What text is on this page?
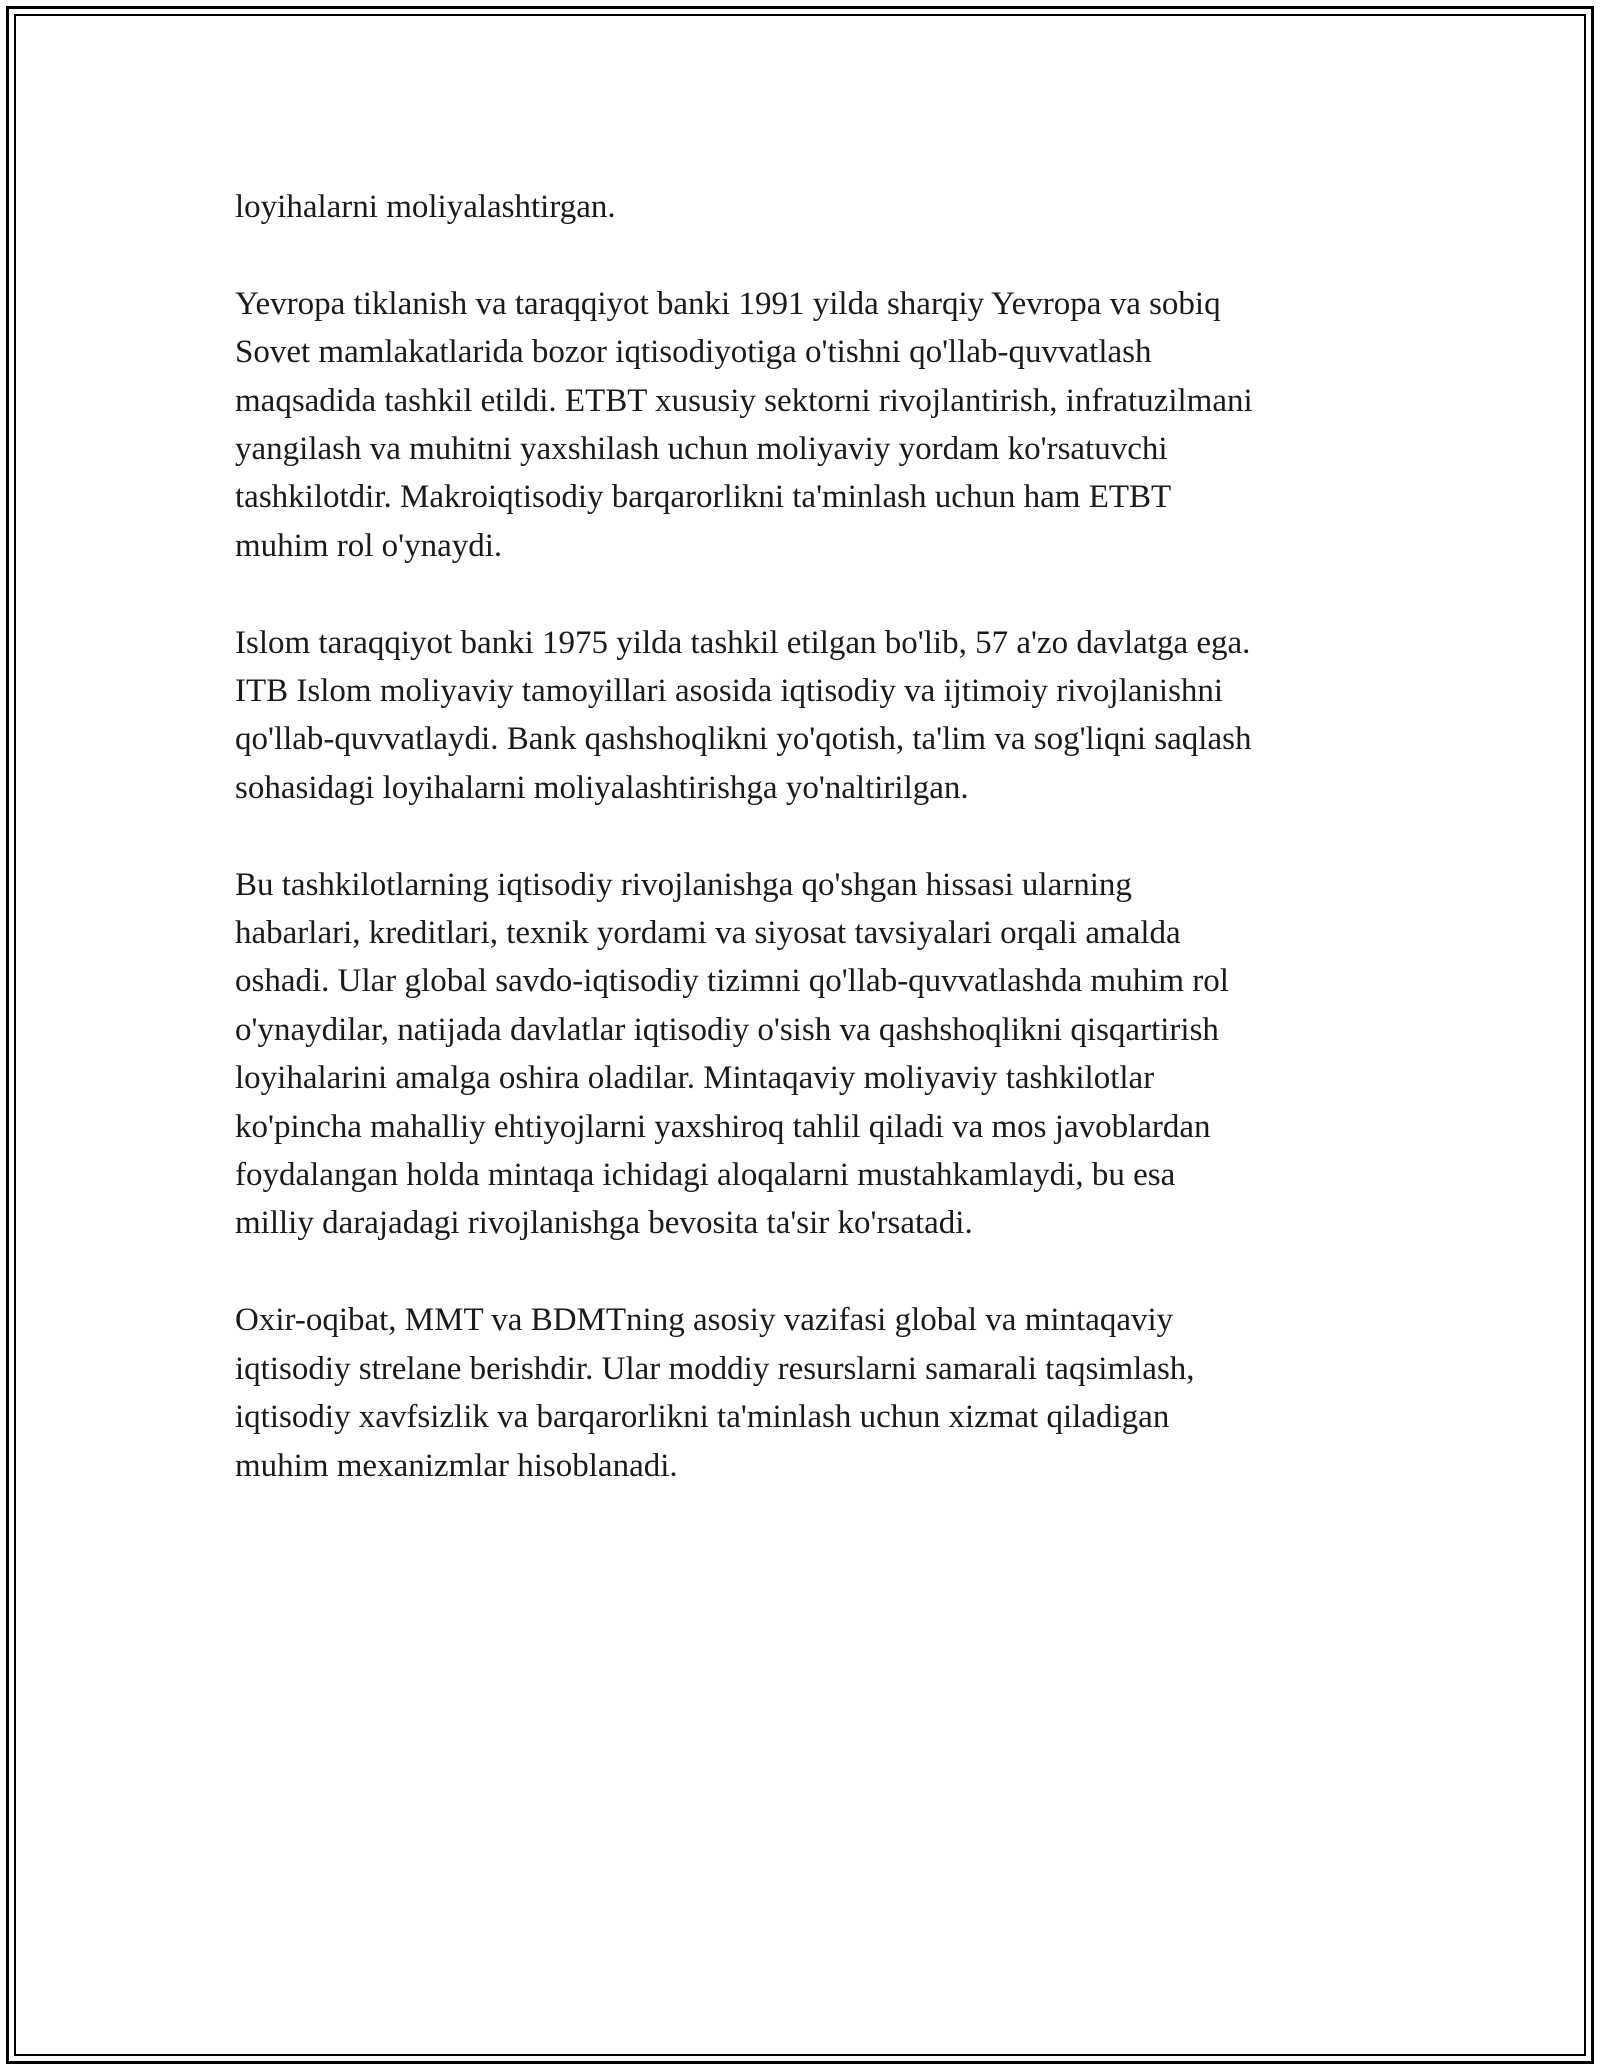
loyihalarni moliyalashtirgan.

Yevropa tiklanish va taraqqiyot banki 1991 yilda sharqiy Yevropa va sobiq
Sovet mamlakatlarida bozor iqtisodiyotiga o'tishni qo'llab-quvvatlash
maqsadida tashkil etildi. ETBT xususiy sektorni rivojlantirish, infratuzilmani
yangilash va muhitni yaxshilash uchun moliyaviy yordam ko'rsatuvchi
tashkilotdir. Makroiqtisodiy barqarorlikni ta'minlash uchun ham ETBT
muhim rol o'ynaydi.

Islom taraqqiyot banki 1975 yilda tashkil etilgan bo'lib, 57 a'zo davlatga ega.
ITB Islom moliyaviy tamoyillari asosida iqtisodiy va ijtimoiy rivojlanishni
qo'llab-quvvatlaydi. Bank qashshoqlikni yo'qotish, ta'lim va sog'liqni saqlash
sohasidagi loyihalarni moliyalashtirishga yo'naltirilgan.

Bu tashkilotlarning iqtisodiy rivojlanishga qo'shgan hissasi ularning
habarlari, kreditlari, texnik yordami va siyosat tavsiyalari orqali amalda
oshadi. Ular global savdo-iqtisodiy tizimni qo'llab-quvvatlashda muhim rol
o'ynaydilar, natijada davlatlar iqtisodiy o'sish va qashshoqlikni qisqartirish
loyihalarini amalga oshira oladilar. Mintaqaviy moliyaviy tashkilotlar
ko'pincha mahalliy ehtiyojlarni yaxshiroq tahlil qiladi va mos javoblardan
foydalangan holda mintaqa ichidagi aloqalarni mustahkamlaydi, bu esa
milliy darajadagi rivojlanishga bevosita ta'sir ko'rsatadi.

Oxir-oqibat, MMT va BDMTning asosiy vazifasi global va mintaqaviy
iqtisodiy strelane berishdir. Ular moddiy resurslarni samarali taqsimlash,
iqtisodiy xavfsizlik va barqarorlikni ta'minlash uchun xizmat qiladigan
muhim mexanizmlar hisoblanadi.
